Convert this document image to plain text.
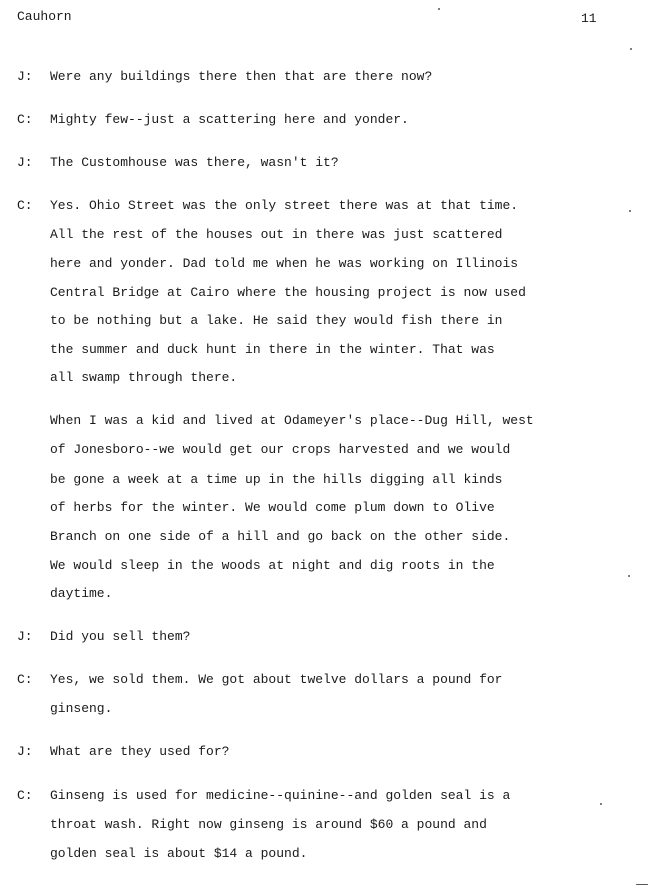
Cauhorn	11
J: Were any buildings there then that are there now?
C: Mighty few--just a scattering here and yonder.
J: The Customhouse was there, wasn't it?
C: Yes. Ohio Street was the only street there was at that time.
All the rest of the houses out in there was just scattered
here and yonder. Dad told me when he was working on Illinois
Central Bridge at Cairo where the housing project is now used
to be nothing but a lake. He said they would fish there in
the summer and duck hunt in there in the winter. That was
all swamp through there.
When I was a kid and lived at Odameyer's place--Dug Hill, west
of Jonesboro--we would get our crops harvested and we would
be gone a week at a time up in the hills digging all kinds
of herbs for the winter. We would come plum down to Olive
Branch on one side of a hill and go back on the other side.
We would sleep in the woods at night and dig roots in the
daytime.
J: Did you sell them?
C: Yes, we sold them. We got about twelve dollars a pound for
ginseng.
J: What are they used for?
C: Ginseng is used for medicine--quinine--and golden seal is a
throat wash. Right now ginseng is around $60 a pound and
golden seal is about $14 a pound.
